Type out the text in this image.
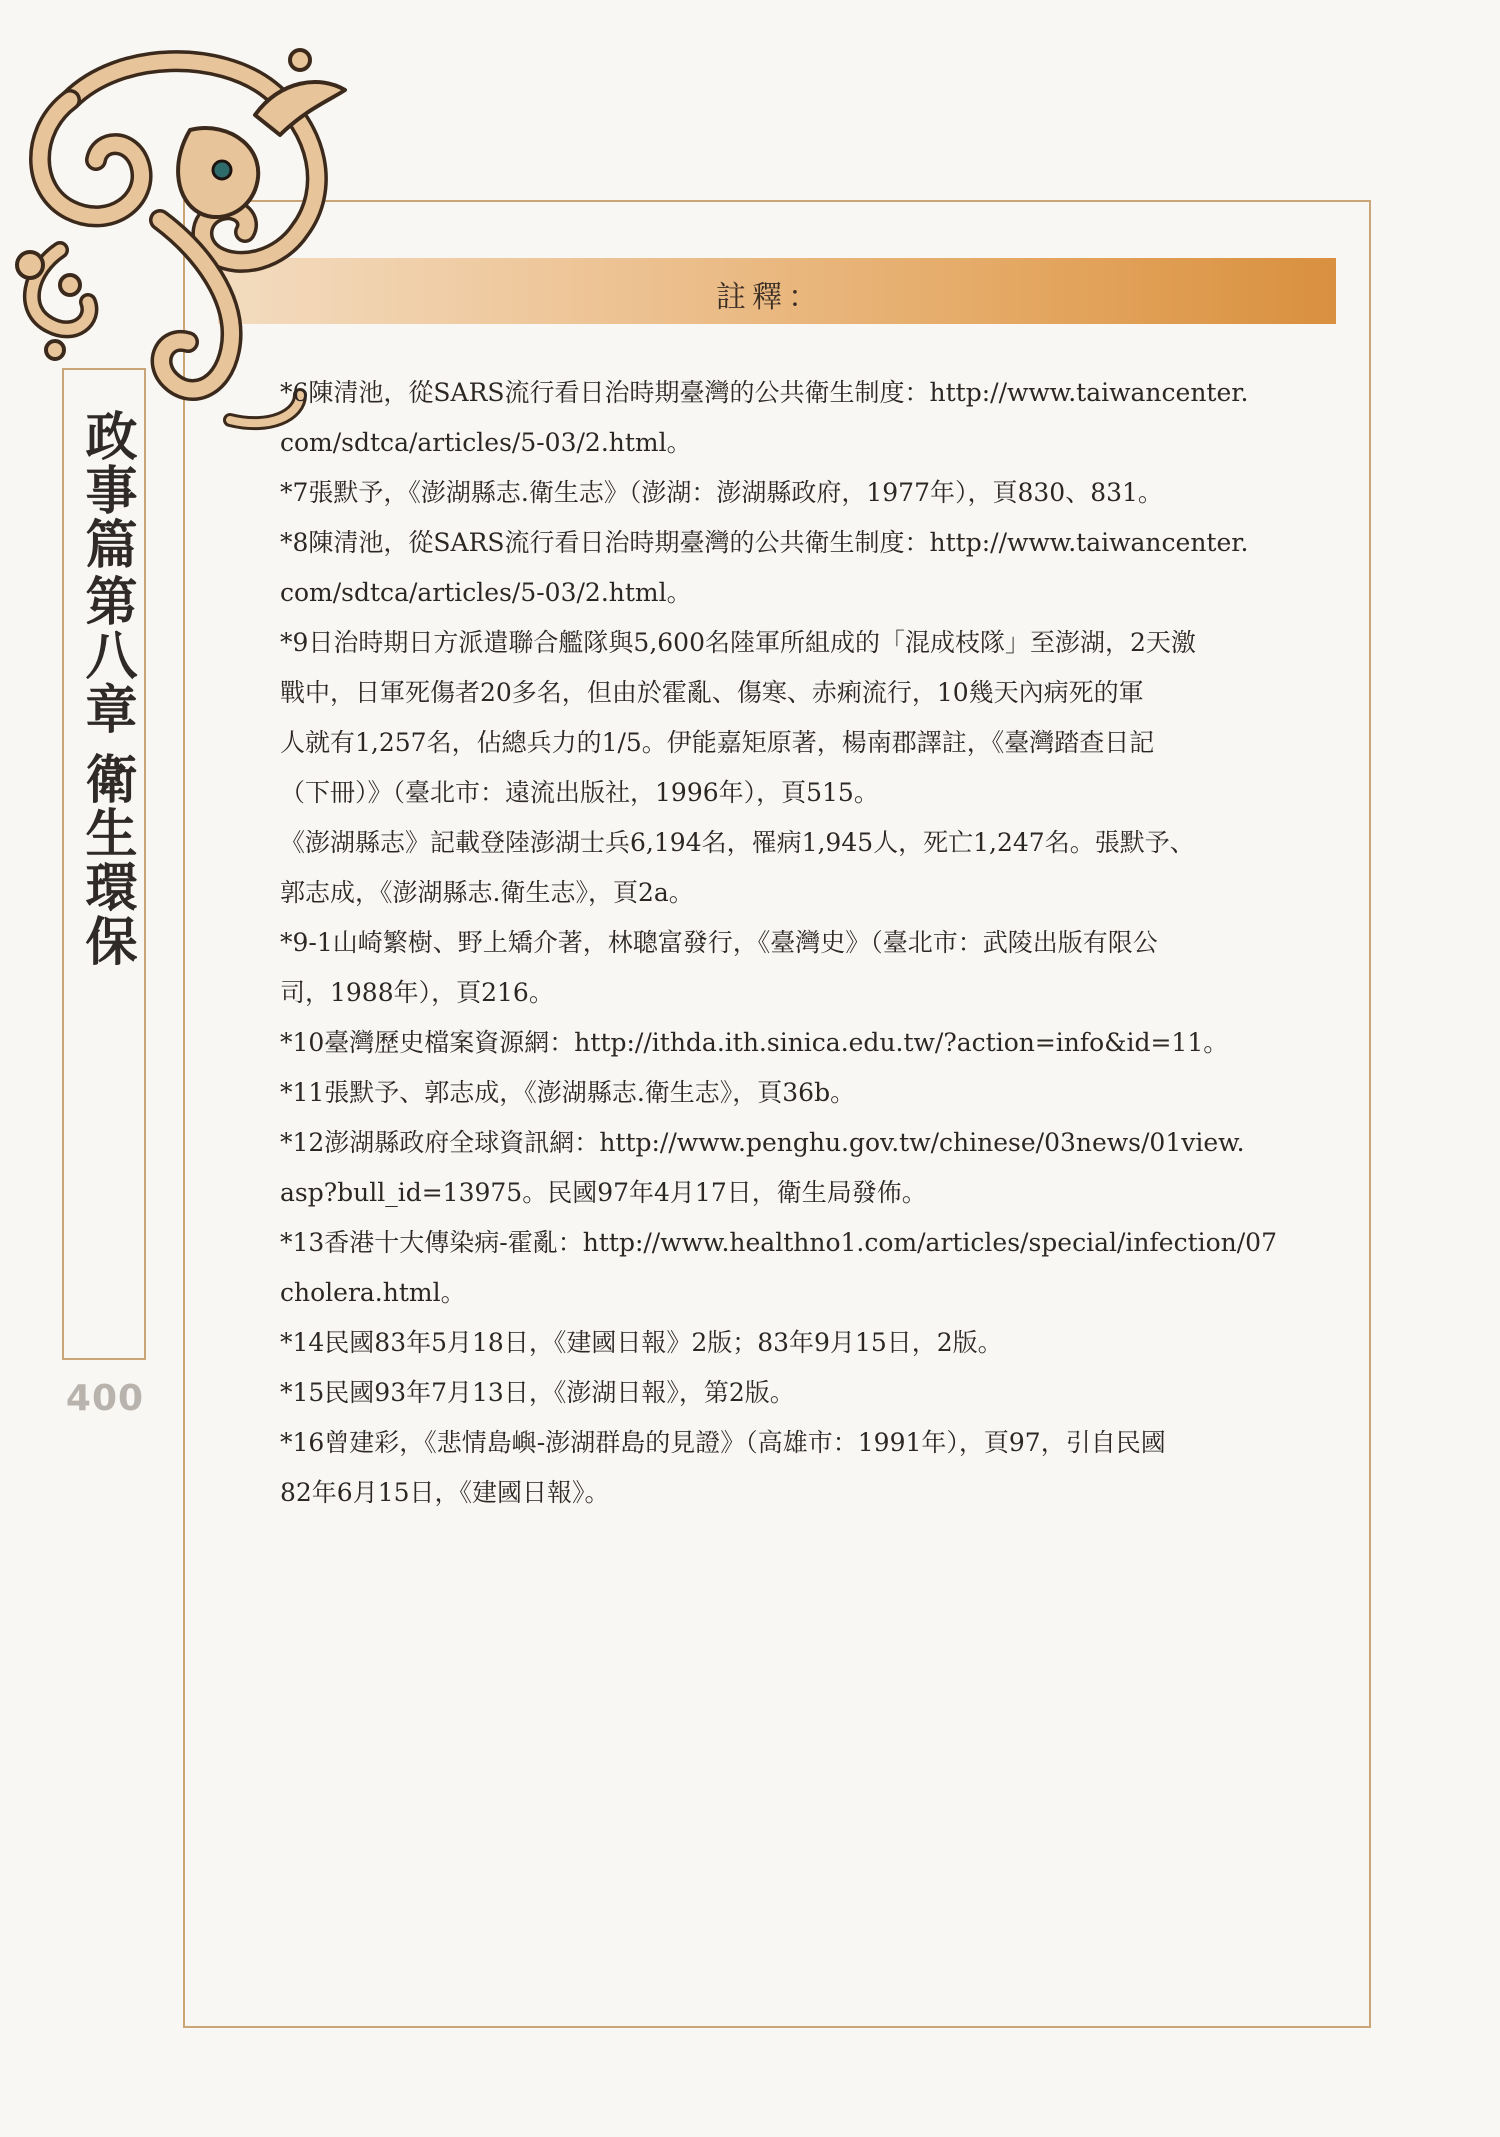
註釋：
政事篇
第八章
衛生環保
400
*6陳清池，從SARS流行看日治時期臺灣的公共衛生制度：http://www.taiwancenter.
com/sdtca/articles/5-03/2.html。
*7張默予，《澎湖縣志.衛生志》（澎湖：澎湖縣政府，1977年），頁830、831。
*8陳清池，從SARS流行看日治時期臺灣的公共衛生制度：http://www.taiwancenter.
com/sdtca/articles/5-03/2.html。
*9日治時期日方派遣聯合艦隊與5,600名陸軍所組成的「混成枝隊」至澎湖，2天激
戰中，日軍死傷者20多名，但由於霍亂、傷寒、赤痢流行，10幾天內病死的軍
人就有1,257名，佔總兵力的1/5。伊能嘉矩原著，楊南郡譯註，《臺灣踏查日記
（下冊）》（臺北市：遠流出版社，1996年），頁515。
《澎湖縣志》記載登陸澎湖士兵6,194名，罹病1,945人，死亡1,247名。張默予、
郭志成，《澎湖縣志.衛生志》，頁2a。
*9-1山崎繁樹、野上矯介著，林聰富發行，《臺灣史》（臺北市：武陵出版有限公
司，1988年），頁216。
*10臺灣歷史檔案資源網：http://ithda.ith.sinica.edu.tw/?action=info&id=11。
*11張默予、郭志成，《澎湖縣志.衛生志》，頁36b。
*12澎湖縣政府全球資訊網：http://www.penghu.gov.tw/chinese/03news/01view.
asp?bull_id=13975。民國97年4月17日，衛生局發佈。
*13香港十大傳染病-霍亂：http://www.healthno1.com/articles/special/infection/07
cholera.html。
*14民國83年5月18日，《建國日報》2版；83年9月15日，2版。
*15民國93年7月13日，《澎湖日報》，第2版。
*16曾建彩，《悲情島嶼-澎湖群島的見證》（高雄市：1991年），頁97，引自民國
82年6月15日，《建國日報》。
